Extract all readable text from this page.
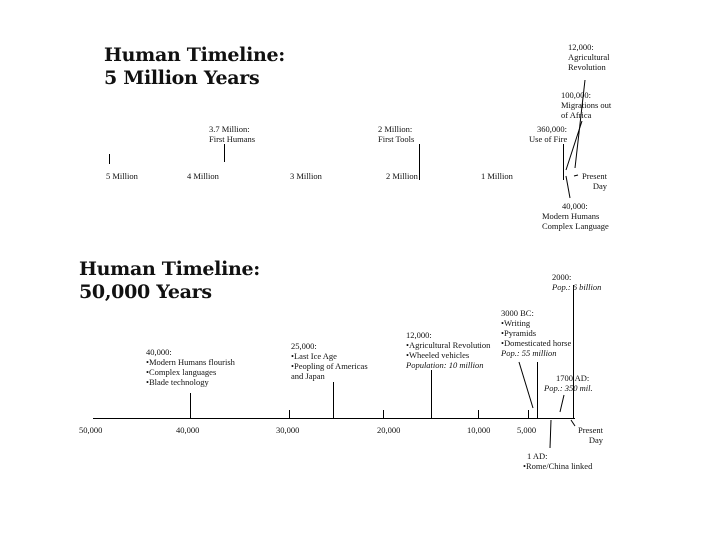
Human Timeline:
5 Million Years
5 Million	4 Million	3 Million	2 Million	1 Million
12,000:
Agricultural
Revolution
100,000:
Migrations out
of Africa
3.7 Million:
First Humans
2 Million:
First Tools
360,000:
Use of Fire
Present
Day
40,000:
Modern Humans
Complex Language
Human Timeline:
50,000 Years
50,000	40,000	30,000	20,000	10,000	5,000
40,000:
•Modern Humans flourish
•Complex languages
•Blade technology
25,000:
•Last Ice Age
•Peopling of Americas
and Japan
12,000:
•Agricultural Revolution
•Wheeled vehicles
Population: 10 million
3000 BC:
•Writing
•Pyramids
•Domesticated horse
Pop.: 55 million
2000:
Pop.: 6 billion
1700 AD:
Pop.: 350 mil.
Present
Day
1 AD:
•Rome/China linked
